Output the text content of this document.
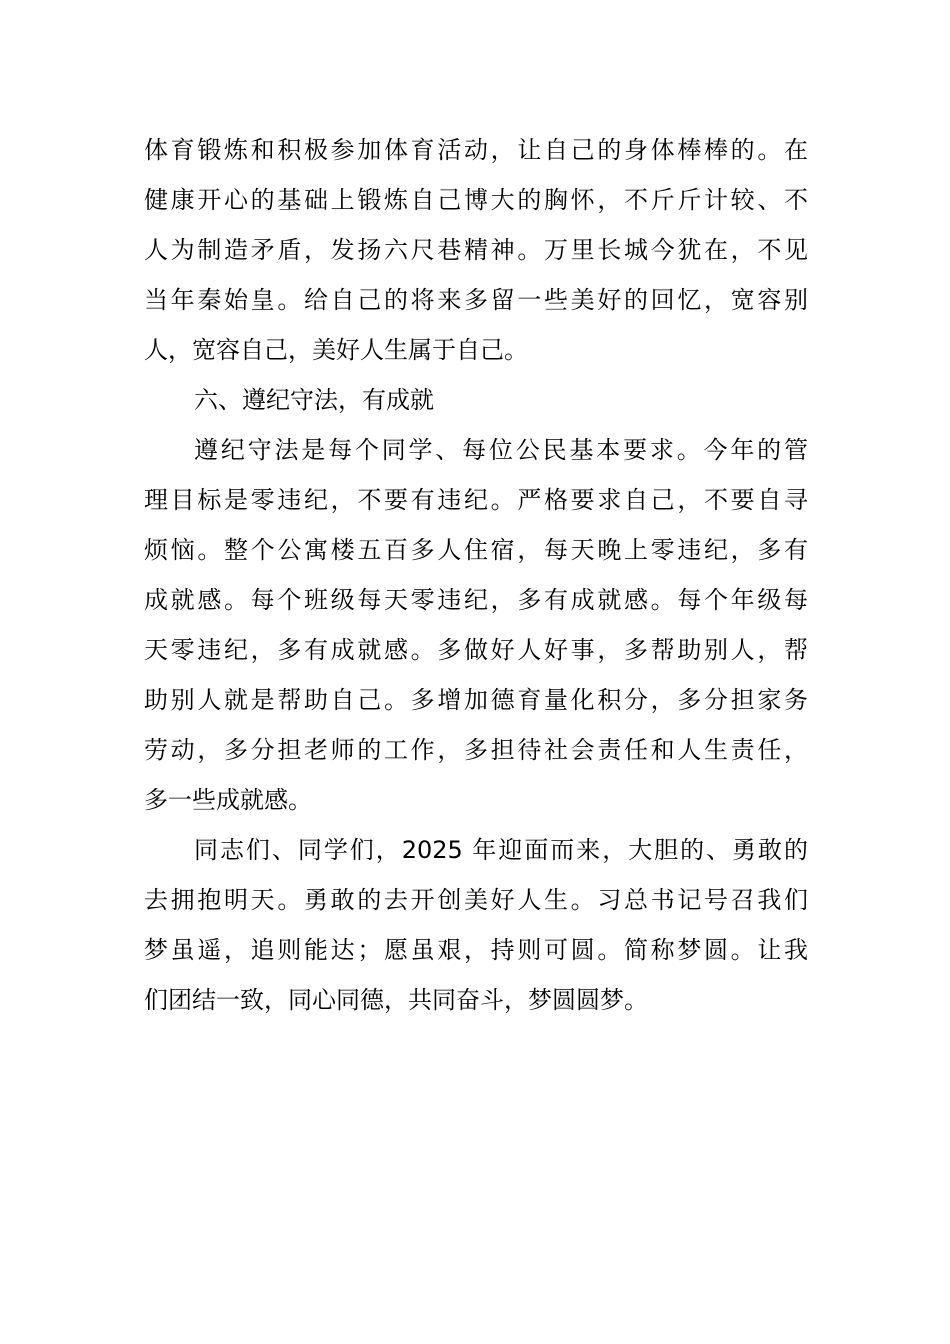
体育锻炼和积极参加体育活动，让自己的身体棒棒的。在
健康开心的基础上锻炼自己博大的胸怀，不斤斤计较、不
人为制造矛盾，发扬六尺巷精神。万里长城今犹在，不见
当年秦始皇。给自己的将来多留一些美好的回忆，宽容别
人，宽容自己，美好人生属于自己。
六、遵纪守法，有成就
遵纪守法是每个同学、每位公民基本要求。今年的管
理目标是零违纪，不要有违纪。严格要求自己，不要自寻
烦恼。整个公寓楼五百多人住宿，每天晚上零违纪，多有
成就感。每个班级每天零违纪，多有成就感。每个年级每
天零违纪，多有成就感。多做好人好事，多帮助别人，帮
助别人就是帮助自己。多增加德育量化积分，多分担家务
劳动，多分担老师的工作，多担待社会责任和人生责任，
多一些成就感。
同志们、同学们，2025 年迎面而来，大胆的、勇敢的
去拥抱明天。勇敢的去开创美好人生。习总书记号召我们
梦虽遥，追则能达；愿虽艰，持则可圆。简称梦圆。让我
们团结一致，同心同德，共同奋斗，梦圆圆梦。
